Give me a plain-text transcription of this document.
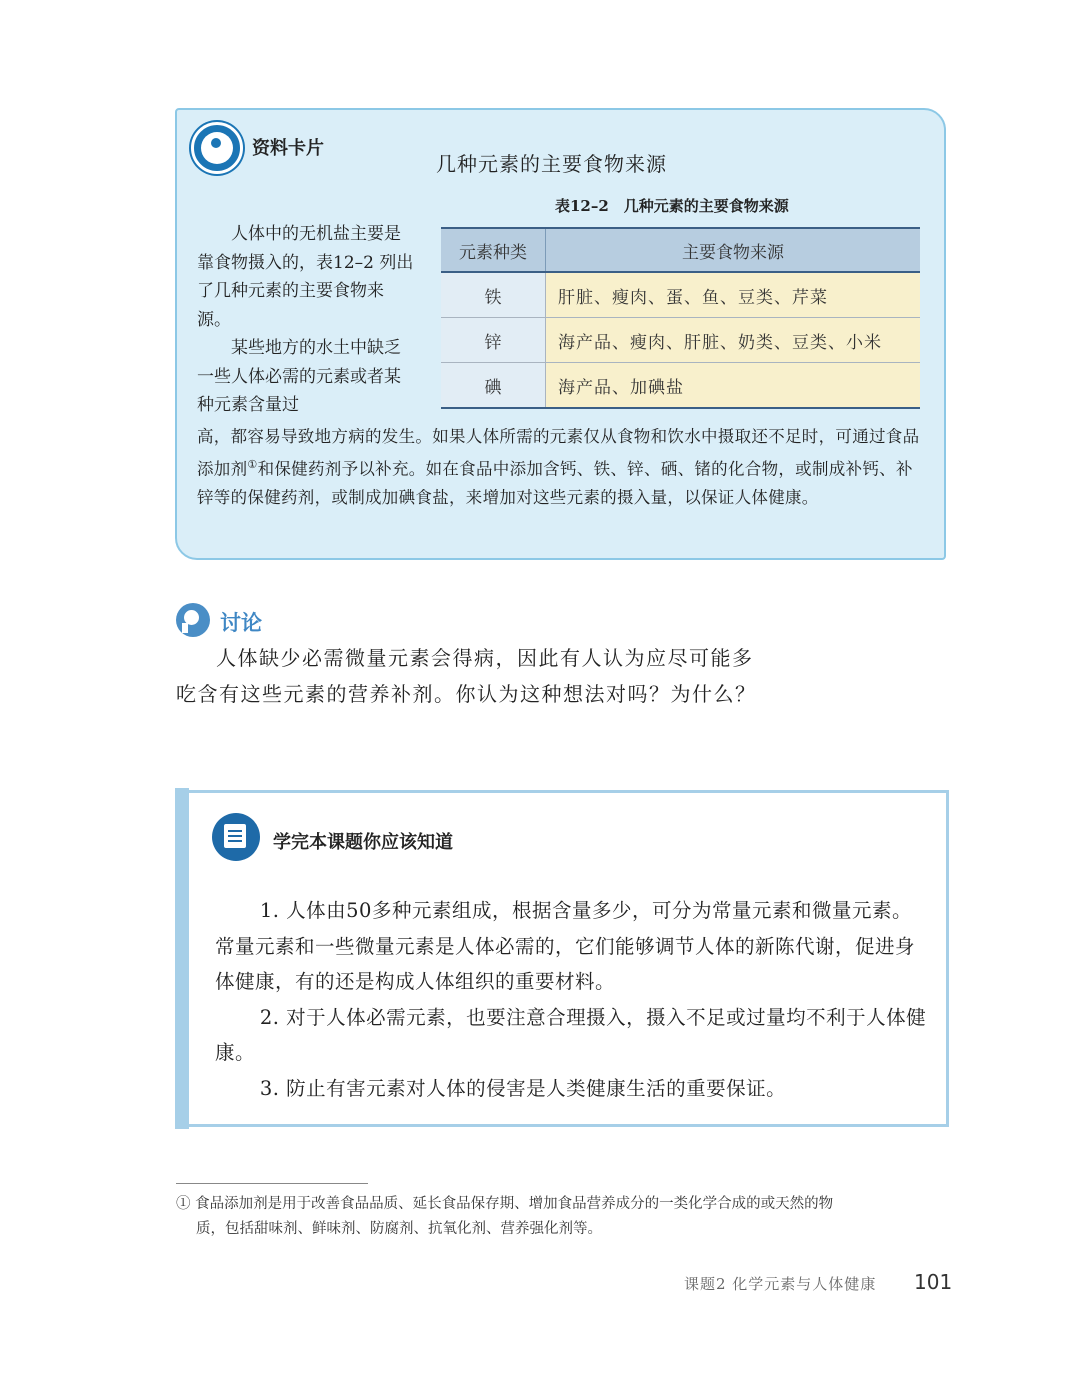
资料卡片
几种元素的主要食物来源
表12–2　几种元素的主要食物来源

人体中的无机盐主要是靠食物摄入的，表12–2 列出了几种元素的主要食物来源。

某些地方的水土中缺乏一些人体必需的元素或者某种元素含量过

元素种类	主要食物来源
铁	肝脏、瘦肉、蛋、鱼、豆类、芹菜
锌	海产品、瘦肉、肝脏、奶类、豆类、小米
碘	海产品、加碘盐
高，都容易导致地方病的发生。如果人体所需的元素仅从食物和饮水中摄取还不足时，可通过食品添加剂①和保健药剂予以补充。如在食品中添加含钙、铁、锌、硒、锗的化合物，或制成补钙、补锌等的保健药剂，或制成加碘食盐，来增加对这些元素的摄入量，以保证人体健康。
讨论

人体缺少必需微量元素会得病，因此有人认为应尽可能多吃含有这些元素的营养补剂。你认为这种想法对吗？为什么？

学完本课题你应该知道

1. 人体由50多种元素组成，根据含量多少，可分为常量元素和微量元素。常量元素和一些微量元素是人体必需的，它们能够调节人体的新陈代谢，促进身体健康，有的还是构成人体组织的重要材料。

2. 对于人体必需元素，也要注意合理摄入，摄入不足或过量均不利于人体健康。

3. 防止有害元素对人体的侵害是人类健康生活的重要保证。

① 食品添加剂是用于改善食品品质、延长食品保存期、增加食品营养成分的一类化学合成的或天然的物
质，包括甜味剂、鲜味剂、防腐剂、抗氧化剂、营养强化剂等。
课题2 化学元素与人体健康 101
